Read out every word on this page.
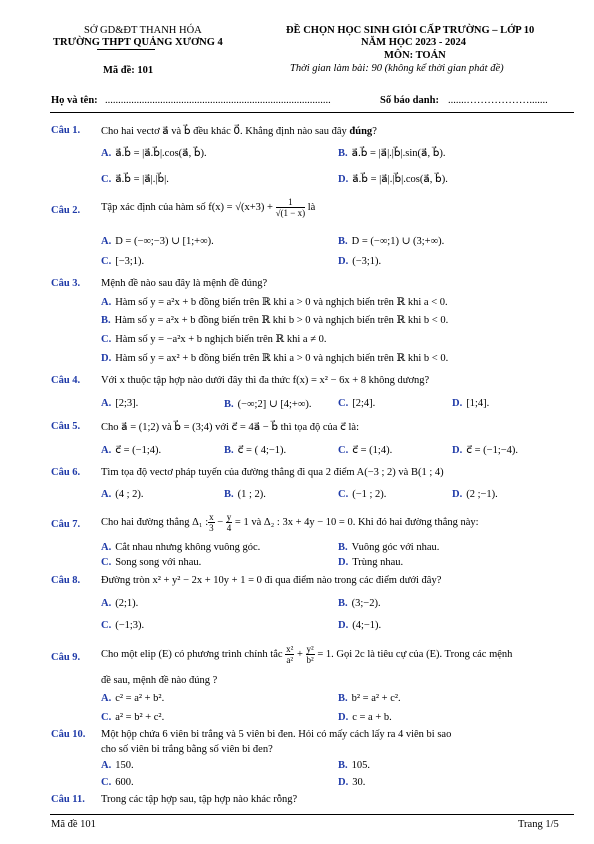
SỞ GD&ĐT THANH HÓA
TRƯỜNG THPT QUẢNG XƯƠNG 4
Mã đề: 101
ĐỀ CHỌN HỌC SINH GIỎI CẤP TRƯỜNG – LỚP 10
NĂM HỌC 2023 - 2024
MÔN: TOÁN
Thời gian làm bài: 90 (không kể thời gian phát đề)
Họ và tên: ......................................................................................	Số báo danh: .......……………….......
Câu 1. Cho hai vectơ a⃗ và b⃗ đều khác 0⃗. Khẳng định nào sau đây đúng?
A. a⃗.b⃗ = |a⃗.b⃗|.cos(a⃗, b⃗).	B. a⃗.b⃗ = |a⃗|.|b⃗|.sin(a⃗, b⃗).
C. a⃗.b⃗ = |a⃗|.|b⃗|.	D. a⃗.b⃗ = |a⃗|.|b⃗|.cos(a⃗, b⃗).
Câu 2. Tập xác định của hàm số $f(x) = √(x+3) + \frac{1}{√(1 - x)}$ là
A. D = (−∞;−3) ∪ [1;+∞).	B. D = (−∞;1) ∪ (3;+∞).
C. [−3;1).	D. (−3;1).
Câu 3. Mệnh đề nào sau đây là mệnh đề đúng?
A. Hàm số y = a²x + b đồng biến trên ℝ khi a > 0 và nghịch biến trên ℝ khi a < 0.
B. Hàm số y = a²x + b đồng biến trên ℝ khi b > 0 và nghịch biến trên ℝ khi b < 0.
C. Hàm số y = −a²x + b nghịch biến trên ℝ khi a ≠ 0.
D. Hàm số y = ax² + b đồng biến trên ℝ khi a > 0 và nghịch biến trên ℝ khi b < 0.
Câu 4. Với x thuộc tập hợp nào dưới đây thì đa thức f(x) = x² − 6x + 8 không dương?
A. [2;3].	B. (−∞;2] ∪ [4;+∞).	C. [2;4].	D. [1;4].
Câu 5. Cho a⃗ = (1;2) và b⃗ = (3;4) với c⃗ = 4a⃗ − b⃗ thì tọa độ của c⃗ là:
A. c⃗ = (−1;4).	B. c⃗ = ( 4;−1).	C. c⃗ = (1;4).	D. c⃗ = (−1;−4).
Câu 6. Tìm tọa độ vectơ pháp tuyến của đường thẳng đi qua 2 điểm A(−3 ; 2) và B(1 ; 4)
A. (4 ; 2).	B. (1 ; 2).	C. (−1 ; 2).	D. (2 ;−1).
Câu 7. Cho hai đường thẳng Δ₁ : $\frac{x}{3} - \frac{y}{4} = 1$ và Δ₂ : 3x + 4y − 10 = 0. Khi đó hai đường thẳng này:
A. Cắt nhau nhưng không vuông góc.	B. Vuông góc với nhau.
C. Song song với nhau.	D. Trùng nhau.
Câu 8. Đường tròn x² + y² − 2x + 10y + 1 = 0 đi qua điểm nào trong các điểm dưới đây?
A. (2;1).	B. (3;−2).
C. (−1;3).	D. (4;−1).
Câu 9. Cho một elip (E) có phương trình chính tắc $\frac{\text{x²}}{\text{a²}} + \frac{\text{y²}}{\text{b²}} = 1$. Gọi 2c là tiêu cự của (E). Trong các mệnh
đề sau, mệnh đề nào đúng ?
A. c² = a² + b².	B. b² = a² + c².
C. a² = b² + c².	D. c = a + b.
Câu 10. Một hộp chứa 6 viên bi trắng và 5 viên bi đen. Hỏi có mấy cách lấy ra 4 viên bi sao
cho số viên bi trắng bằng số viên bi đen?
A. 150.	B. 105.
C. 600.	D. 30.
Câu 11. Trong các tập hợp sau, tập hợp nào khác rỗng?
Mã đề 101	Trang 1/5
